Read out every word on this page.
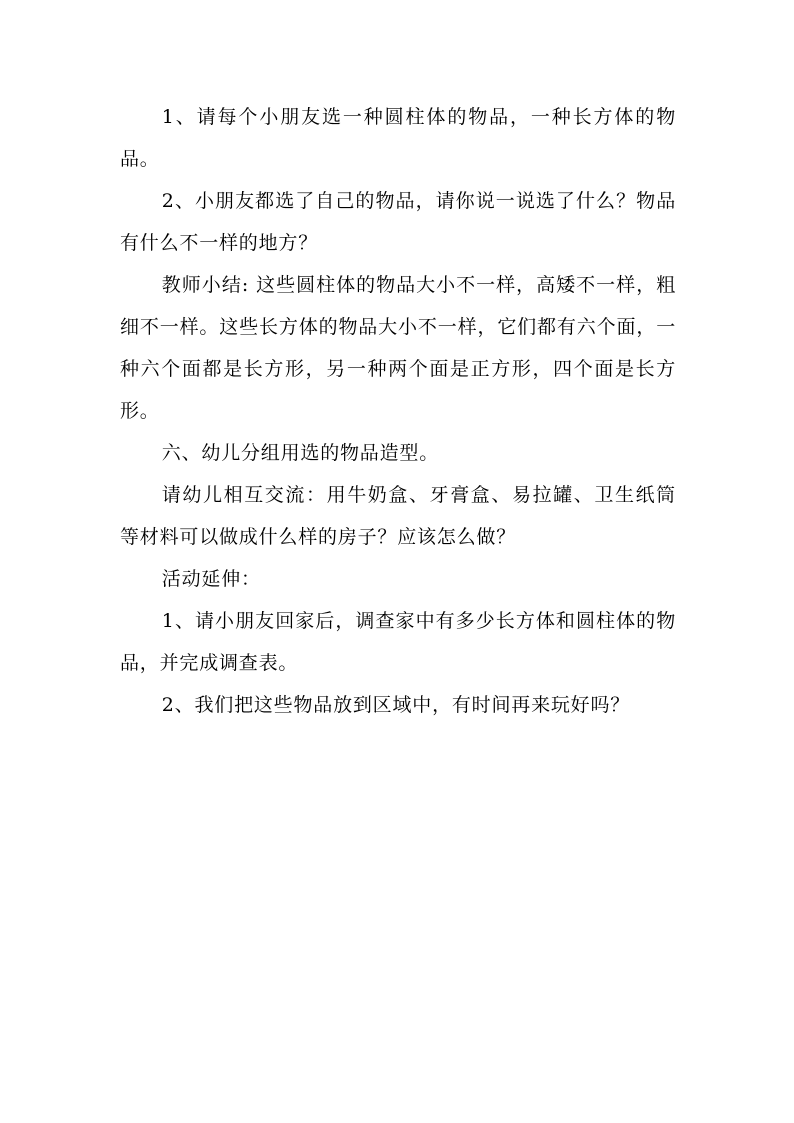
1、请每个小朋友选一种圆柱体的物品，一种长方体的物品。

2、小朋友都选了自己的物品，请你说一说选了什么？物品有什么不一样的地方？

教师小结: 这些圆柱体的物品大小不一样，高矮不一样，粗细不一样。这些长方体的物品大小不一样，它们都有六个面，一种六个面都是长方形，另一种两个面是正方形，四个面是长方形。

六、幼儿分组用选的物品造型。

请幼儿相互交流：用牛奶盒、牙膏盒、易拉罐、卫生纸筒等材料可以做成什么样的房子？应该怎么做？

活动延伸：

1、请小朋友回家后，调查家中有多少长方体和圆柱体的物品，并完成调查表。

2、我们把这些物品放到区域中，有时间再来玩好吗？
